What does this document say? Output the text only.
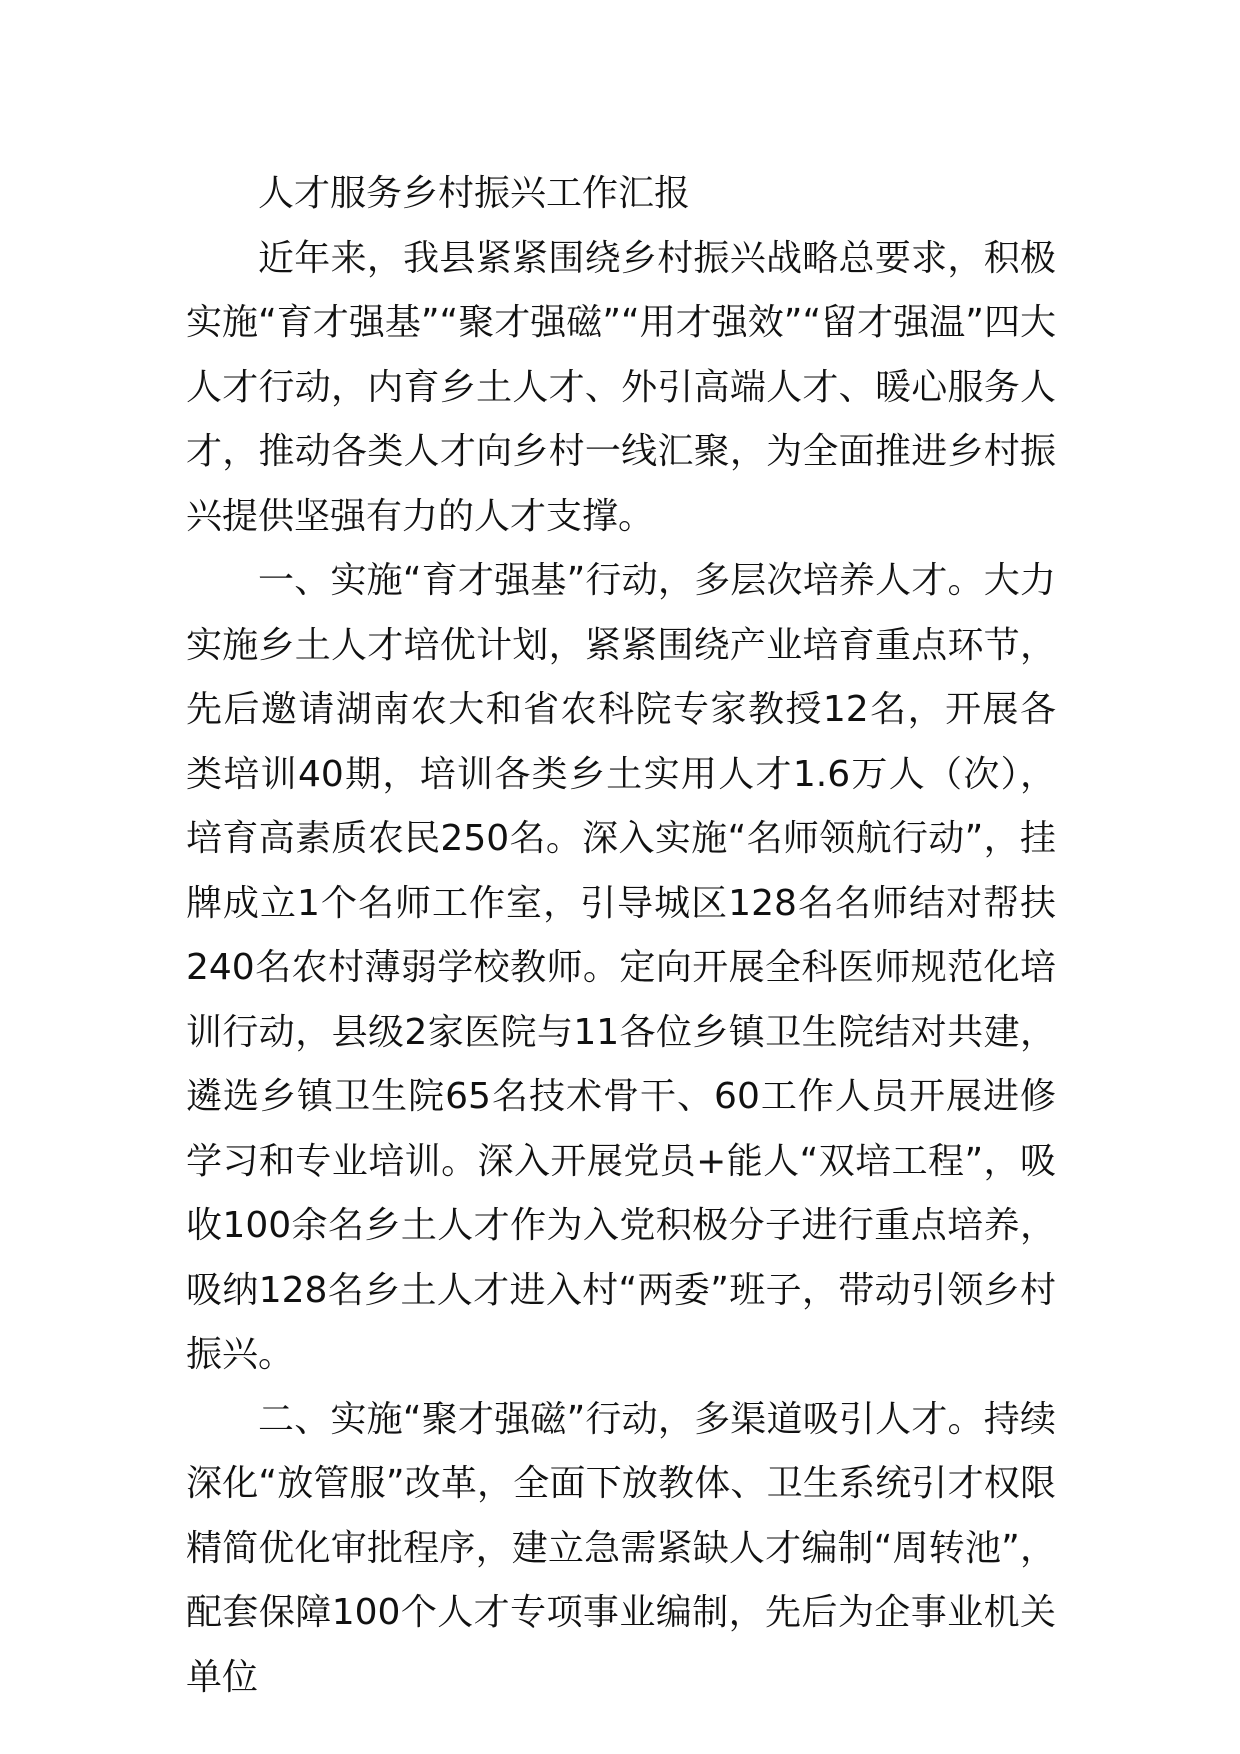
人才服务乡村振兴工作汇报

近年来，我县紧紧围绕乡村振兴战略总要求，积极实施“育才强基”“聚才强磁”“用才强效”“留才强温”四大人才行动，内育乡土人才、外引高端人才、暖心服务人才，推动各类人才向乡村一线汇聚，为全面推进乡村振兴提供坚强有力的人才支撑。

一、实施“育才强基”行动，多层次培养人才。大力实施乡土人才培优计划，紧紧围绕产业培育重点环节，先后邀请湖南农大和省农科院专家教授12名，开展各类培训40期，培训各类乡土实用人才1.6万人（次），培育高素质农民250名。深入实施“名师领航行动”，挂牌成立1个名师工作室，引导城区128名名师结对帮扶240名农村薄弱学校教师。定向开展全科医师规范化培训行动，县级2家医院与11各位乡镇卫生院结对共建，遴选乡镇卫生院65名技术骨干、60工作人员开展进修学习和专业培训。深入开展党员+能人“双培工程”，吸收100余名乡土人才作为入党积极分子进行重点培养，吸纳128名乡土人才进入村“两委”班子，带动引领乡村振兴。

二、实施“聚才强磁”行动，多渠道吸引人才。持续深化“放管服”改革，全面下放教体、卫生系统引才权限精简优化审批程序，建立急需紧缺人才编制“周转池”，配套保障100个人才专项事业编制，先后为企事业机关单位
